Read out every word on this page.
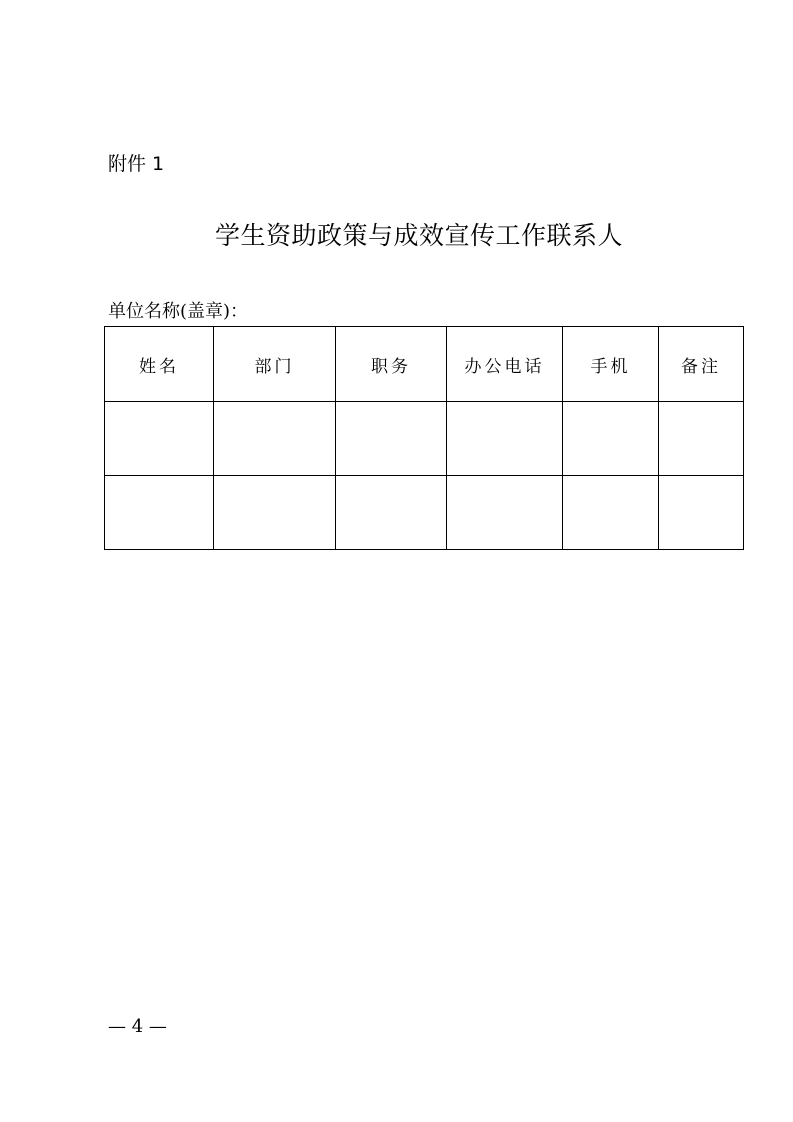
附件 1
学生资助政策与成效宣传工作联系人
单位名称(盖章)：
姓名	部门	职务	办公电话	手机	备注

— 4 —
